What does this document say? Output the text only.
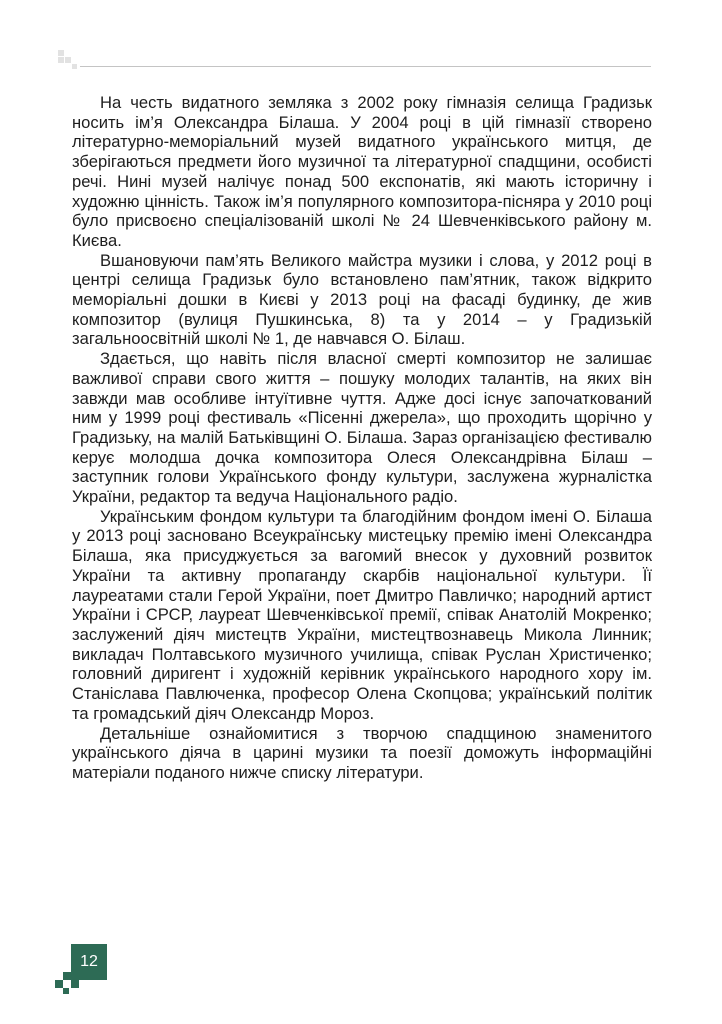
На честь видатного земляка з 2002 року гімназія селища Градизьк носить ім’я Олександра Білаша. У 2004 році в цій гімназії створено літературно-меморіальний музей видатного українського митця, де зберігаються предмети його музичної та літературної спадщини, особисті речі. Нині музей налічує понад 500 експонатів, які мають історичну і художню цінність. Також ім’я популярного композитора-пісняра у 2010 році було присвоєно спеціалізованій школі № 24 Шевченківського району м. Києва.

Вшановуючи пам’ять Великого майстра музики і слова, у 2012 році в центрі селища Градизьк було встановлено пам’ятник, також відкрито меморіальні дошки в Києві у 2013 році на фасаді будинку, де жив композитор (вулиця Пушкинська, 8) та у 2014 – у Градизькій загальноосвітній школі № 1, де навчався О. Білаш.

Здається, що навіть після власної смерті композитор не залишає важливої справи свого життя – пошуку молодих талантів, на яких він завжди мав особливе інтуїтивне чуття. Адже досі існує започаткований ним у 1999 році фестиваль «Пісенні джерела», що проходить щорічно у Градизьку, на малій Батьківщині О. Білаша. Зараз організацією фестивалю керує молодша дочка композитора Олеся Олександрівна Білаш – заступник голови Українського фонду культури, заслужена журналістка України, редактор та ведуча Національного радіо.

Українським фондом культури та благодійним фондом імені О. Білаша у 2013 році засновано Всеукраїнську мистецьку премію імені Олександра Білаша, яка присуджується за вагомий внесок у духовний розвиток України та активну пропаганду скарбів національної культури. Її лауреатами стали Герой України, поет Дмитро Павличко; народний артист України і СРСР, лауреат Шевченківської премії, співак Анатолій Мокренко; заслужений діяч мистецтв України, мистецтвознавець Микола Линник; викладач Полтавського музичного училища, співак Руслан Христиченко; головний диригент і художній керівник українського народного хору ім. Станіслава Павлюченка, професор Олена Скопцова; український політик та громадський діяч Олександр Мороз.

Детальніше ознайомитися з творчою спадщиною знаменитого українського діяча в царині музики та поезії доможуть інформаційні матеріали поданого нижче списку літератури.

12
